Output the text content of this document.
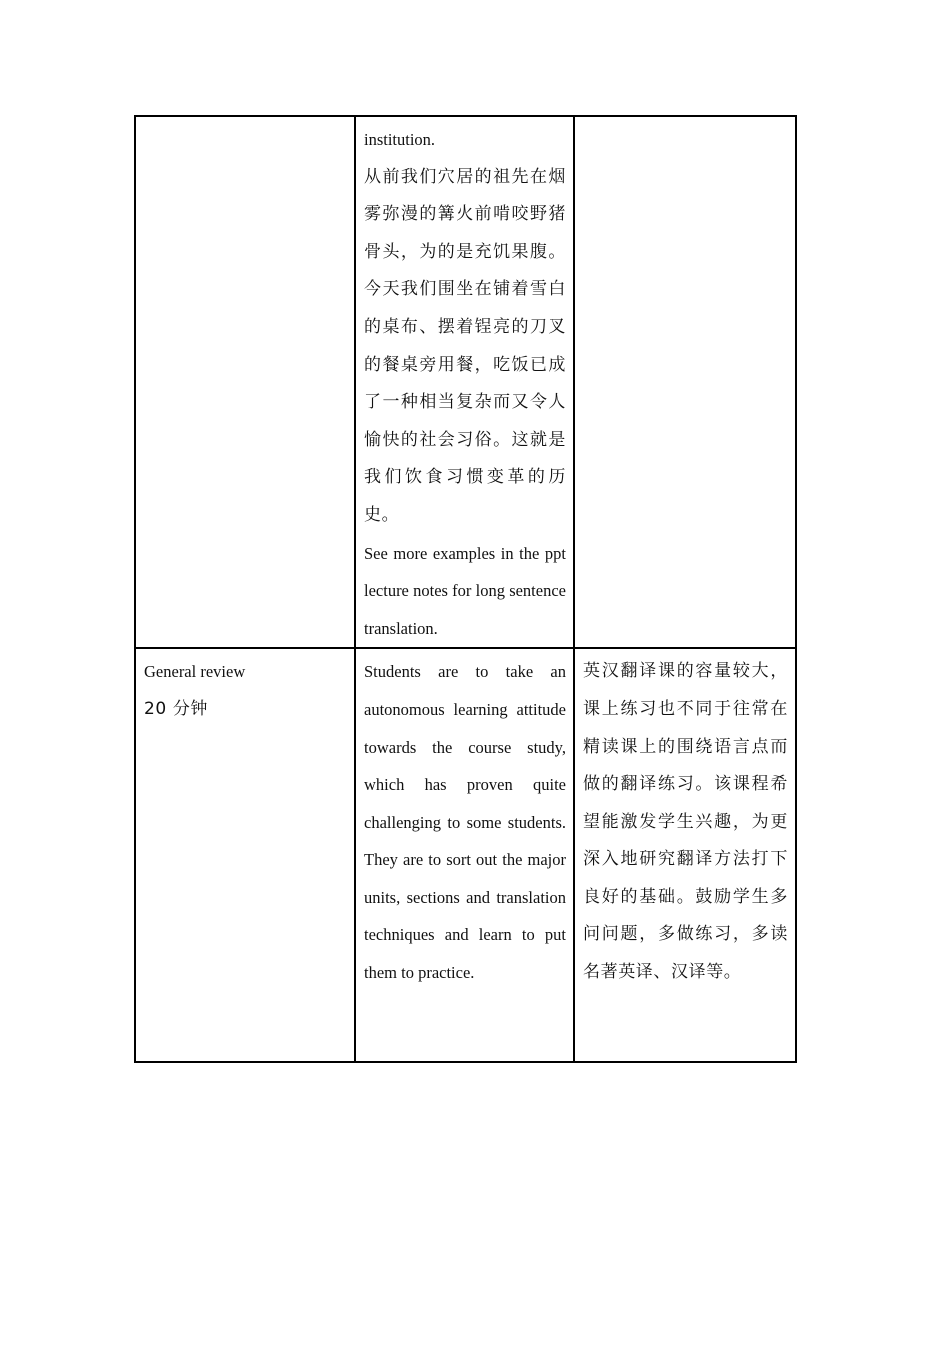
	institution.
从前我们穴居的祖先在烟雾弥漫的篝火前啃咬野猪骨头，为的是充饥果腹。今天我们围坐在铺着雪白的桌布、摆着锃亮的刀叉的餐桌旁用餐，吃饭已成了一种相当复杂而又令人愉快的社会习俗。这就是我们饮食习惯变革的历史。
See more examples in the ppt lecture notes for long sentence translation.	

General review
20 分钟	Students are to take an autonomous learning attitude towards the course study, which has proven quite challenging to some students. They are to sort out the major units, sections and translation techniques and learn to put them to practice.	英汉翻译课的容量较大，课上练习也不同于往常在精读课上的围绕语言点而做的翻译练习。该课程希望能激发学生兴趣，为更深入地研究翻译方法打下良好的基础。鼓励学生多问问题，多做练习，多读名著英译、汉译等。
